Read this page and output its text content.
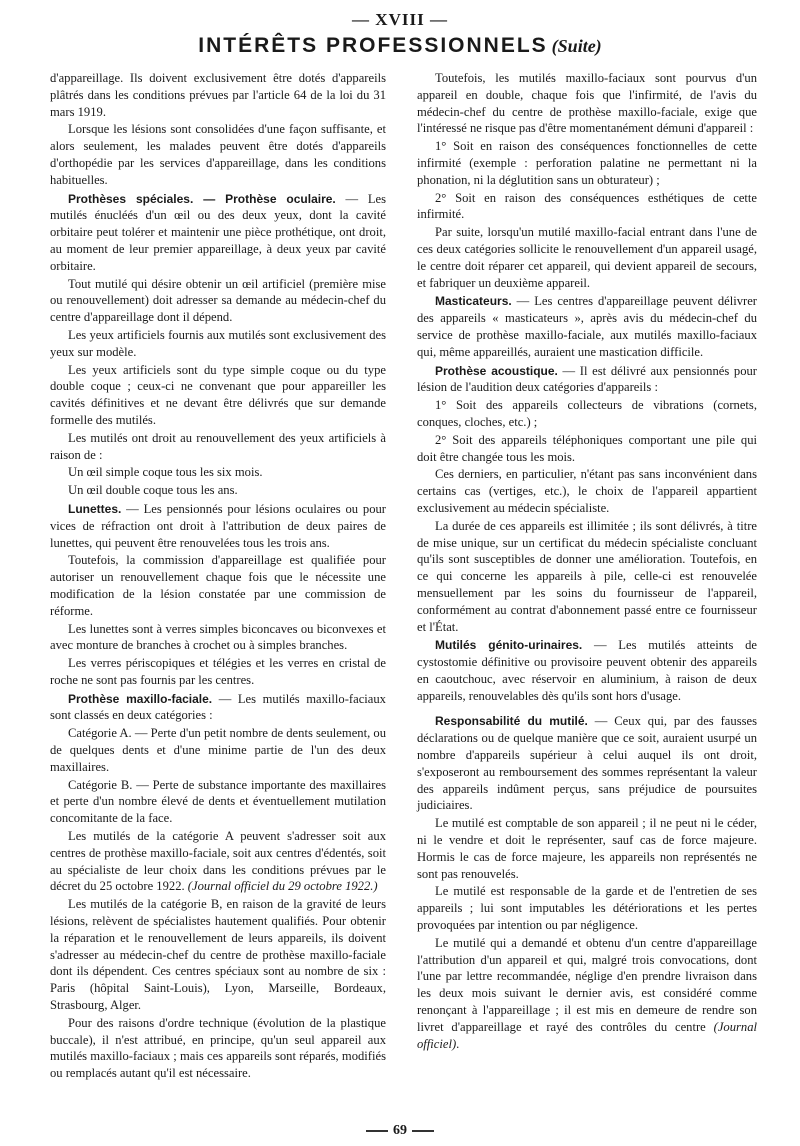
— XVIII —
INTÉRÊTS PROFESSIONNELS (Suite)

d'appareillage. Ils doivent exclusivement être dotés d'appareils plâtrés dans les conditions prévues par l'article 64 de la loi du 31 mars 1919.

Lorsque les lésions sont consolidées d'une façon suffisante, et alors seulement, les malades peuvent être dotés d'appareils d'orthopédie par les services d'appareillage, dans les conditions habituelles.

Prothèses spéciales. — Prothèse oculaire. — Les mutilés énucléés d'un œil ou des deux yeux, dont la cavité orbitaire peut tolérer et maintenir une pièce prothétique, ont droit, au moment de leur premier appareillage, à deux yeux par cavité orbitaire.

Tout mutilé qui désire obtenir un œil artificiel (première mise ou renouvellement) doit adresser sa demande au médecin-chef du centre d'appareillage dont il dépend.

Les yeux artificiels fournis aux mutilés sont exclusivement des yeux sur modèle.

Les yeux artificiels sont du type simple coque ou du type double coque ; ceux-ci ne convenant que pour appareiller les cavités définitives et ne devant être délivrés que sur demande formelle des mutilés.

Les mutilés ont droit au renouvellement des yeux artificiels à raison de :

Un œil simple coque tous les six mois.

Un œil double coque tous les ans.

Lunettes. — Les pensionnés pour lésions oculaires ou pour vices de réfraction ont droit à l'attribution de deux paires de lunettes, qui peuvent être renouvelées tous les trois ans.

Toutefois, la commission d'appareillage est qualifiée pour autoriser un renouvellement chaque fois que le nécessite une modification de la lésion constatée par une commission de réforme.

Les lunettes sont à verres simples biconcaves ou biconvexes et avec monture de branches à crochet ou à simples branches.

Les verres périscopiques et télégies et les verres en cristal de roche ne sont pas fournis par les centres.

Prothèse maxillo-faciale. — Les mutilés maxillo-faciaux sont classés en deux catégories :

Catégorie A. — Perte d'un petit nombre de dents seulement, ou de quelques dents et d'une minime partie de l'un des deux maxillaires.

Catégorie B. — Perte de substance importante des maxillaires et perte d'un nombre élevé de dents et éventuellement mutilation concomitante de la face.

Les mutilés de la catégorie A peuvent s'adresser soit aux centres de prothèse maxillo-faciale, soit aux centres d'édentés, soit au spécialiste de leur choix dans les conditions prévues par le décret du 25 octobre 1922. (Journal officiel du 29 octobre 1922.)

Les mutilés de la catégorie B, en raison de la gravité de leurs lésions, relèvent de spécialistes hautement qualifiés. Pour obtenir la réparation et le renouvellement de leurs appareils, ils doivent s'adresser au médecin-chef du centre de prothèse maxillo-faciale dont ils dépendent. Ces centres spéciaux sont au nombre de six : Paris (hôpital Saint-Louis), Lyon, Marseille, Bordeaux, Strasbourg, Alger.

Pour des raisons d'ordre technique (évolution de la plastique buccale), il n'est attribué, en principe, qu'un seul appareil aux mutilés maxillo-faciaux ; mais ces appareils sont réparés, modifiés ou remplacés autant qu'il est nécessaire.

Toutefois, les mutilés maxillo-faciaux sont pourvus d'un appareil en double, chaque fois que l'infirmité, de l'avis du médecin-chef du centre de prothèse maxillo-faciale, exige que l'intéressé ne risque pas d'être momentanément démuni d'appareil :

1° Soit en raison des conséquences fonctionnelles de cette infirmité (exemple : perforation palatine ne permettant ni la phonation, ni la déglutition sans un obturateur) ;

2° Soit en raison des conséquences esthétiques de cette infirmité.

Par suite, lorsqu'un mutilé maxillo-facial entrant dans l'une de ces deux catégories sollicite le renouvellement d'un appareil usagé, le centre doit réparer cet appareil, qui devient appareil de secours, et fabriquer un deuxième appareil.

Masticateurs. — Les centres d'appareillage peuvent délivrer des appareils « masticateurs », après avis du médecin-chef du service de prothèse maxillo-faciale, aux mutilés maxillo-faciaux qui, même appareillés, auraient une mastication difficile.

Prothèse acoustique. — Il est délivré aux pensionnés pour lésion de l'audition deux catégories d'appareils :

1° Soit des appareils collecteurs de vibrations (cornets, conques, cloches, etc.) ;

2° Soit des appareils téléphoniques comportant une pile qui doit être changée tous les mois.

Ces derniers, en particulier, n'étant pas sans inconvénient dans certains cas (vertiges, etc.), le choix de l'appareil appartient exclusivement au médecin spécialiste.

La durée de ces appareils est illimitée ; ils sont délivrés, à titre de mise unique, sur un certificat du médecin spécialiste concluant qu'ils sont susceptibles de donner une amélioration. Toutefois, en ce qui concerne les appareils à pile, celle-ci est renouvelée mensuellement par les soins du fournisseur de l'appareil, conformément au contrat d'abonnement passé entre ce fournisseur et l'État.

Mutilés génito-urinaires. — Les mutilés atteints de cystostomie définitive ou provisoire peuvent obtenir des appareils en caoutchouc, avec réservoir en aluminium, à raison de deux appareils, renouvelables dès qu'ils sont hors d'usage.

Responsabilité du mutilé. — Ceux qui, par des fausses déclarations ou de quelque manière que ce soit, auraient usurpé un nombre d'appareils supérieur à celui auquel ils ont droit, s'exposeront au remboursement des sommes représentant la valeur des appareils indûment perçus, sans préjudice de poursuites judiciaires.

Le mutilé est comptable de son appareil ; il ne peut ni le céder, ni le vendre et doit le représenter, sauf cas de force majeure. Hormis le cas de force majeure, les appareils non représentés ne sont pas renouvelés.

Le mutilé est responsable de la garde et de l'entretien de ses appareils ; lui sont imputables les détériorations et les pertes provoquées par intention ou par négligence.

Le mutilé qui a demandé et obtenu d'un centre d'appareillage l'attribution d'un appareil et qui, malgré trois convocations, dont l'une par lettre recommandée, néglige d'en prendre livraison dans les deux mois suivant le dernier avis, est considéré comme renonçant à l'appareillage ; il est mis en demeure de rendre son livret d'appareillage et rayé des contrôles du centre (Journal officiel).

69
